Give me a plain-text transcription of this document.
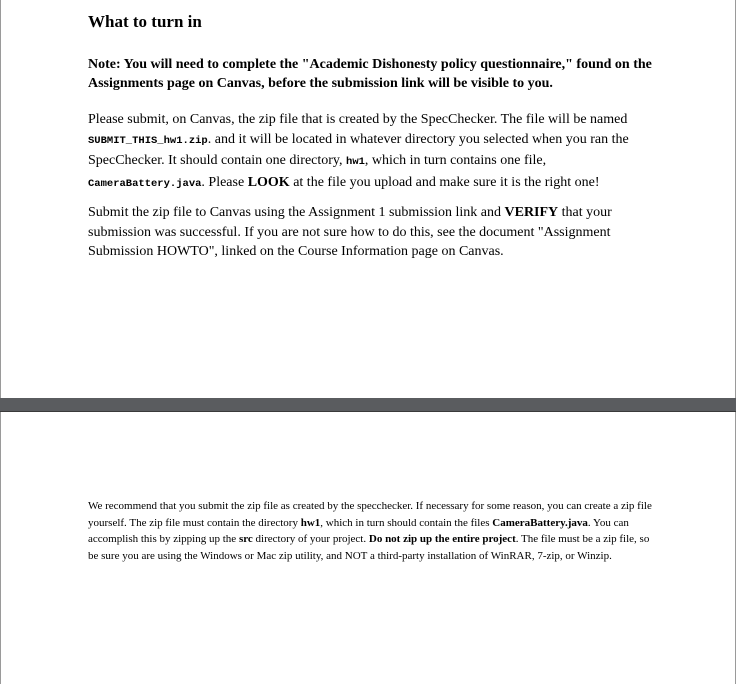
What to turn in

Note: You will need to complete the "Academic Dishonesty policy questionnaire," found on the Assignments page on Canvas, before the submission link will be visible to you.

Please submit, on Canvas, the zip file that is created by the SpecChecker. The file will be named SUBMIT_THIS_hw1.zip. and it will be located in whatever directory you selected when you ran the SpecChecker. It should contain one directory, hw1, which in turn contains one file, CameraBattery.java. Please LOOK at the file you upload and make sure it is the right one!

Submit the zip file to Canvas using the Assignment 1 submission link and VERIFY that your submission was successful. If you are not sure how to do this, see the document "Assignment Submission HOWTO", linked on the Course Information page on Canvas.

We recommend that you submit the zip file as created by the specchecker. If necessary for some reason, you can create a zip file yourself. The zip file must contain the directory hw1, which in turn should contain the files CameraBattery.java. You can accomplish this by zipping up the src directory of your project. Do not zip up the entire project. The file must be a zip file, so be sure you are using the Windows or Mac zip utility, and NOT a third-party installation of WinRAR, 7-zip, or Winzip.
